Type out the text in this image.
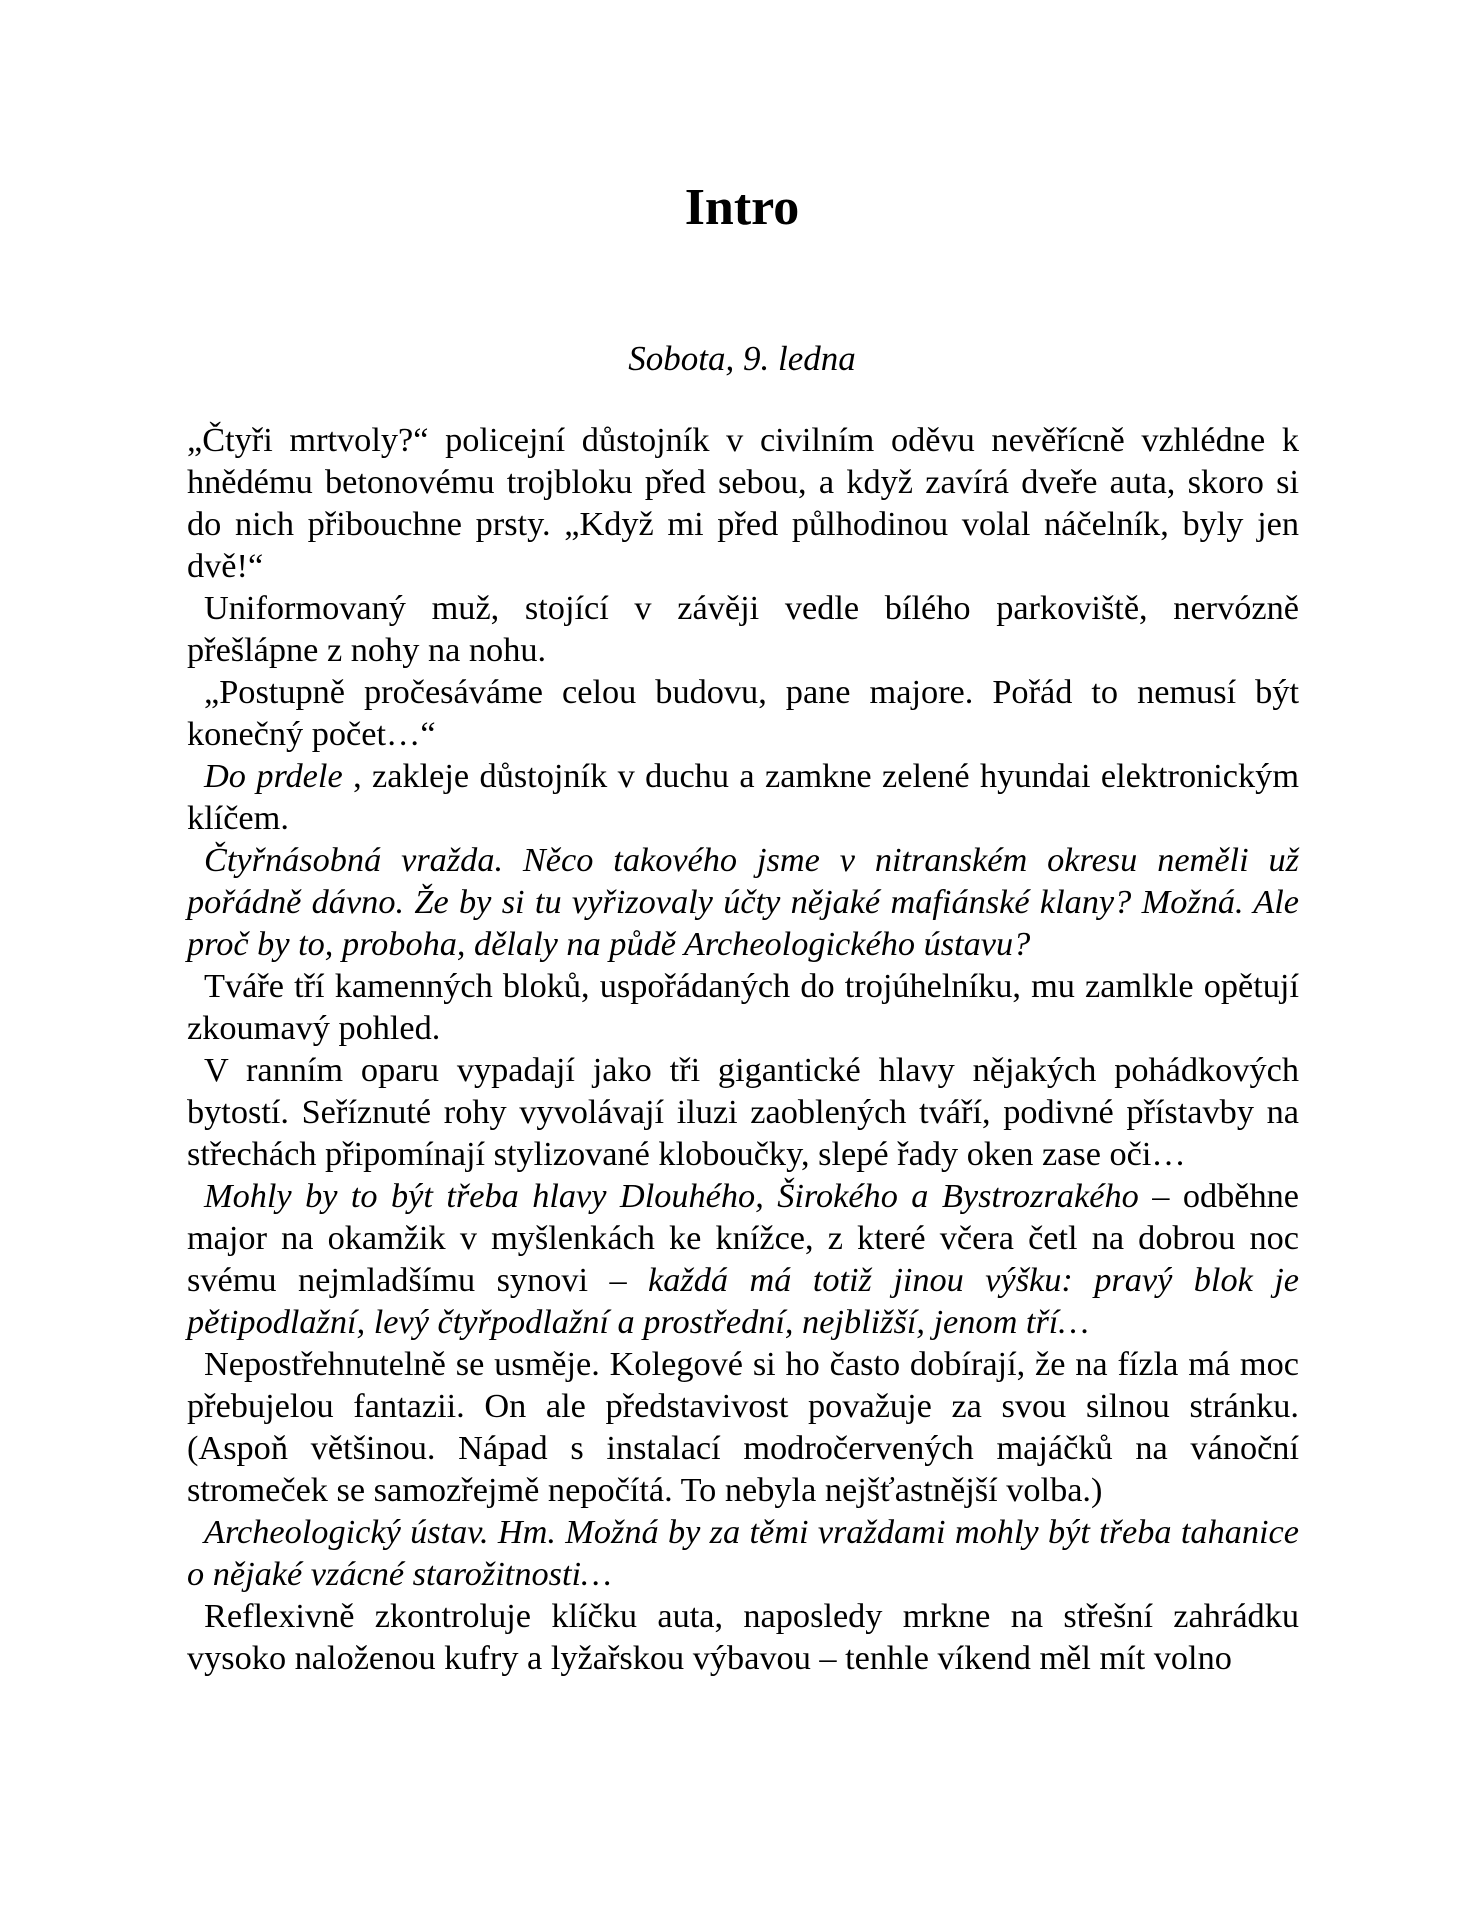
Intro

Sobota, 9. ledna

„Čtyři mrtvoly?“ policejní důstojník v civilním oděvu nevěřícně vzhlédne k hnědému betonovému trojbloku před sebou, a když zavírá dveře auta, skoro si do nich přibouchne prsty. „Když mi před půlhodinou volal náčelník, byly jen dvě!“

Uniformovaný muž, stojící v závěji vedle bílého parkoviště, nervózně přešlápne z nohy na nohu.

„Postupně pročesáváme celou budovu, pane majore. Pořád to nemusí být konečný počet…“

Do prdele , zakleje důstojník v duchu a zamkne zelené hyundai elektronickým klíčem.

Čtyřnásobná vražda. Něco takového jsme v nitranském okresu neměli už pořádně dávno. Že by si tu vyřizovaly účty nějaké mafiánské klany? Možná. Ale proč by to, proboha, dělaly na půdě Archeologického ústavu?

Tváře tří kamenných bloků, uspořádaných do trojúhelníku, mu zamlkle opětují zkoumavý pohled.

V ranním oparu vypadají jako tři gigantické hlavy nějakých pohádkových bytostí. Seříznuté rohy vyvolávají iluzi zaoblených tváří, podivné přístavby na střechách připomínají stylizované kloboučky, slepé řady oken zase oči…

Mohly by to být třeba hlavy Dlouhého, Širokého a Bystrozrakého – odběhne major na okamžik v myšlenkách ke knížce, z které včera četl na dobrou noc svému nejmladšímu synovi – každá má totiž jinou výšku: pravý blok je pětipodlažní, levý čtyřpodlažní a prostřední, nejbližší, jenom tří…

Nepostřehnutelně se usměje. Kolegové si ho často dobírají, že na fízla má moc přebujelou fantazii. On ale představivost považuje za svou silnou stránku. (Aspoň většinou. Nápad s instalací modročervených majáčků na vánoční stromeček se samozřejmě nepočítá. To nebyla nejšťastnější volba.)

Archeologický ústav. Hm. Možná by za těmi vraždami mohly být třeba tahanice o nějaké vzácné starožitnosti…

Reflexivně zkontroluje klíčku auta, naposledy mrkne na střešní zahrádku vysoko naloženou kufry a lyžařskou výbavou – tenhle víkend měl mít volno
